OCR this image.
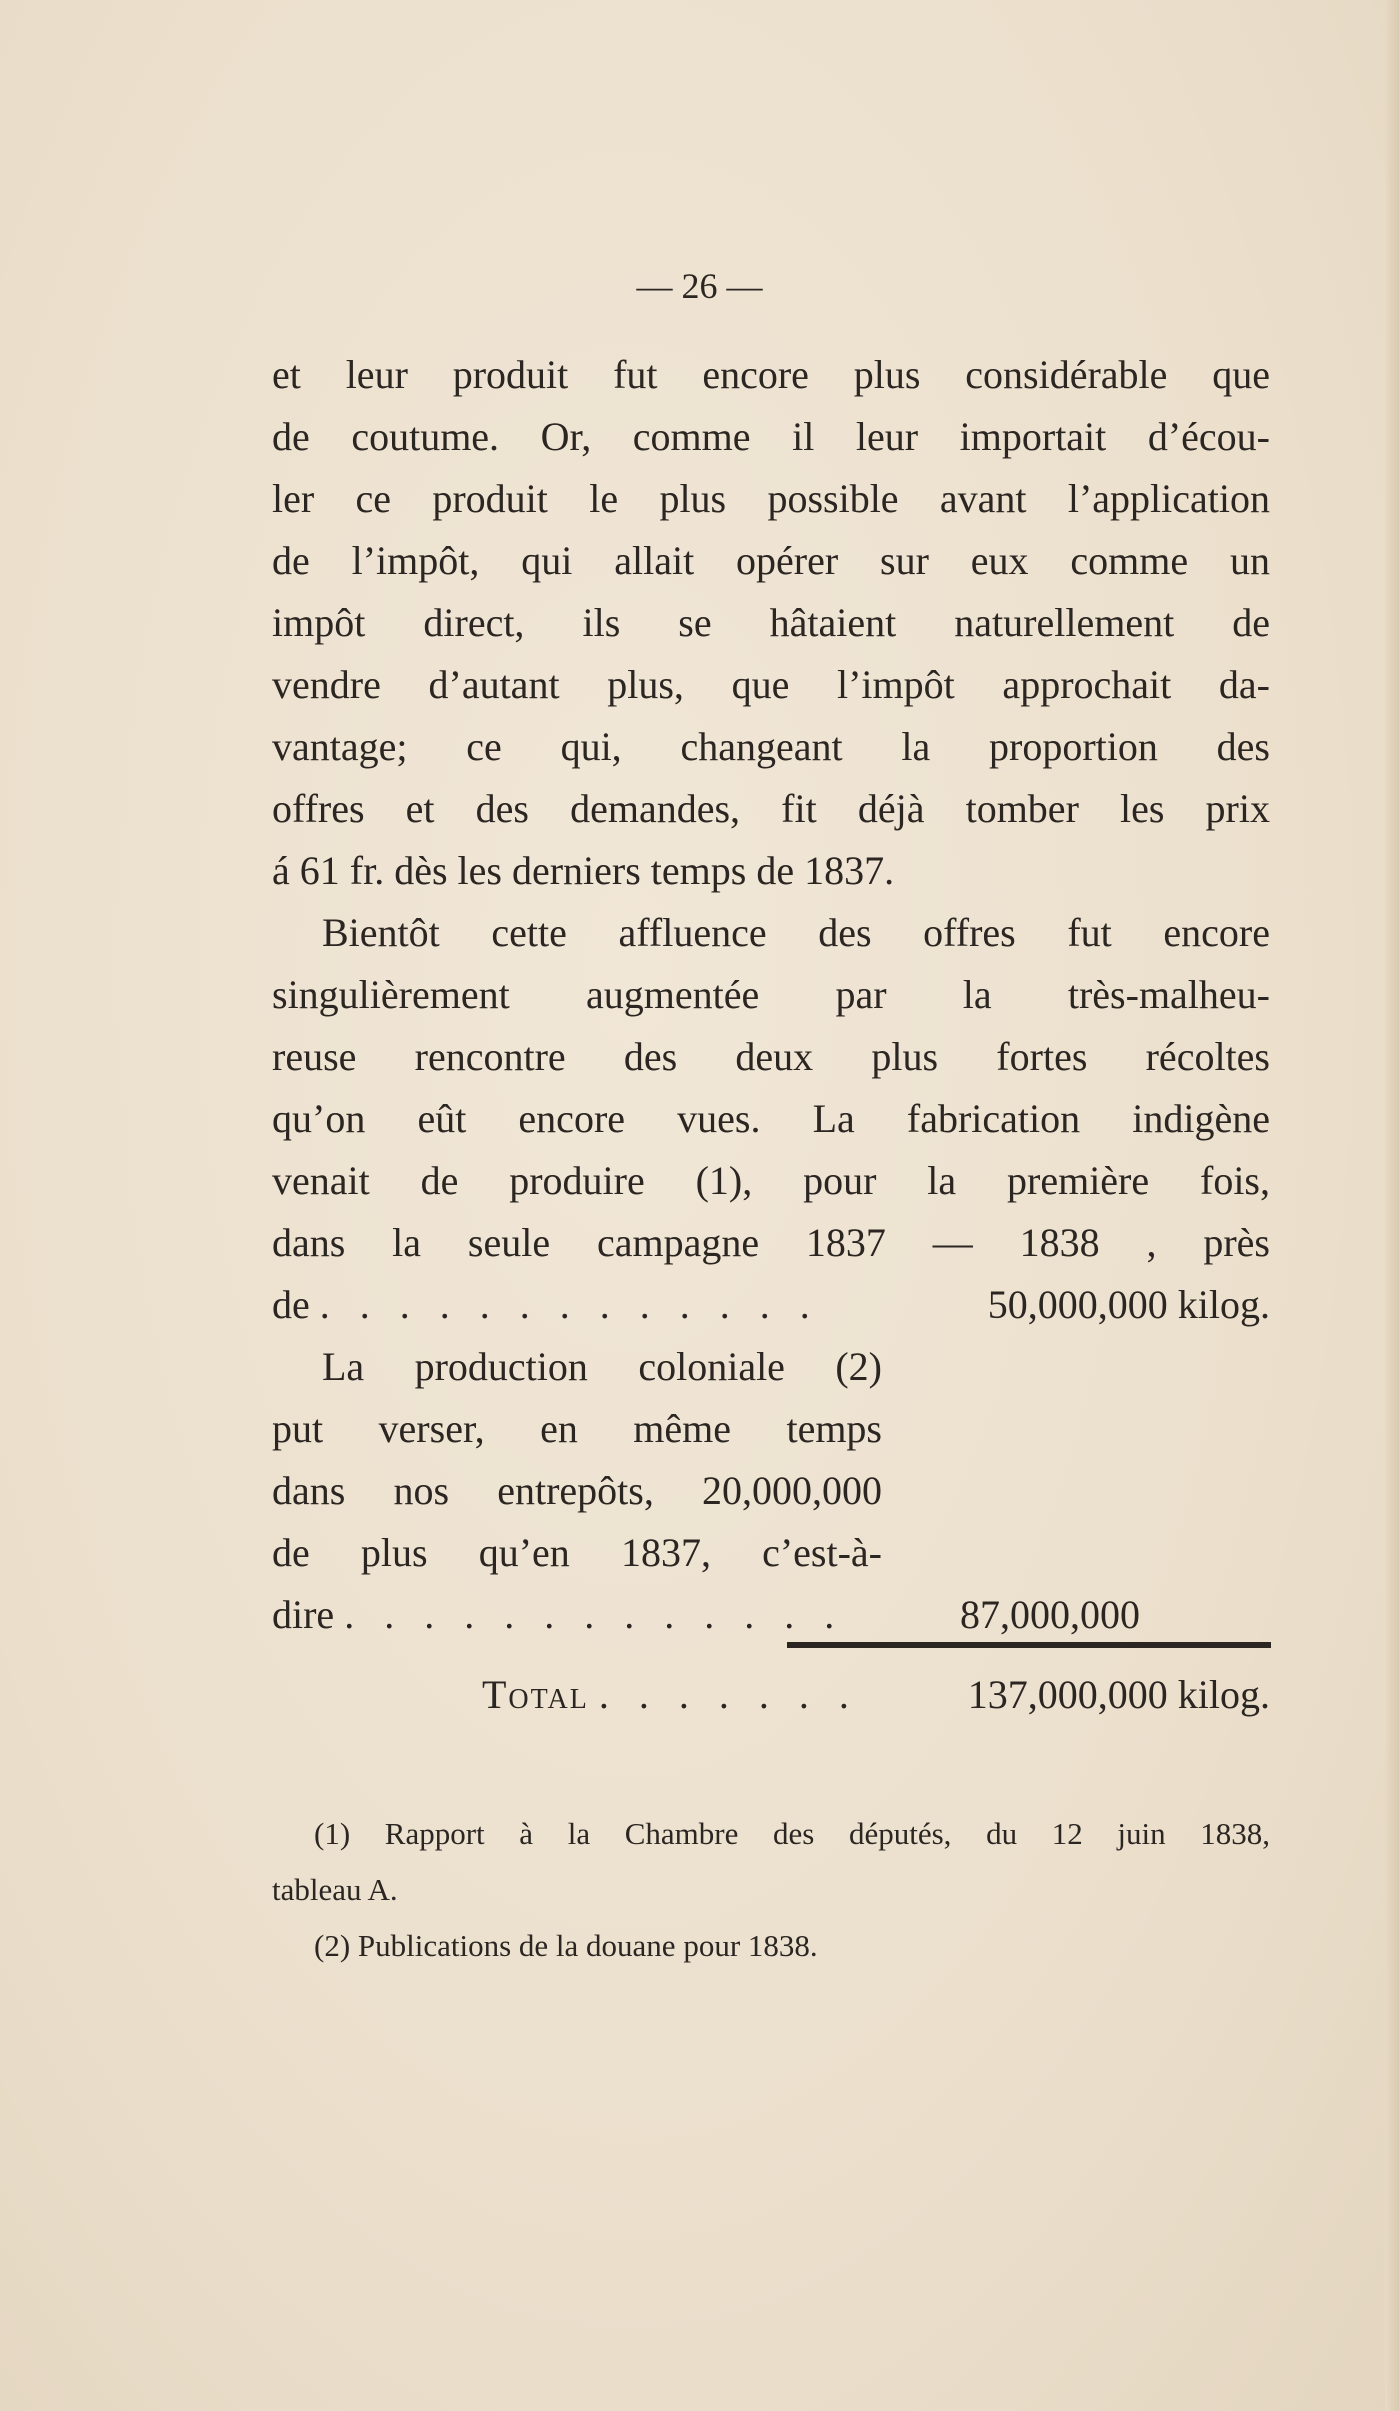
— 26 —
et leur produit fut encore plus considérable que
de coutume. Or, comme il leur importait d’écou-
ler ce produit le plus possible avant l’application
de l’impôt, qui allait opérer sur eux comme un
impôt direct, ils se hâtaient naturellement de
vendre d’autant plus, que l’impôt approchait da-
vantage; ce qui, changeant la proportion des
offres et des demandes, fit déjà tomber les prix
á 61 fr. dès les derniers temps de 1837.
Bientôt cette affluence des offres fut encore
singulièrement augmentée par la très-malheu-
reuse rencontre des deux plus fortes récoltes
qu’on eût encore vues. La fabrication indigène
venait de produire (1), pour la première fois,
dans la seule campagne 1837 — 1838 , près
de . . . . . . . . . . . . .	50,000,000 kilog.
La production coloniale (2)
put verser, en même temps
dans nos entrepôts, 20,000,000
de plus qu’en 1837, c’est-à-
dire . . . . . . . . . . . . .	87,000,000
Total . . . . . . .	137,000,000 kilog.
(1) Rapport à la Chambre des députés, du 12 juin 1838,
tableau A.
(2) Publications de la douane pour 1838.
